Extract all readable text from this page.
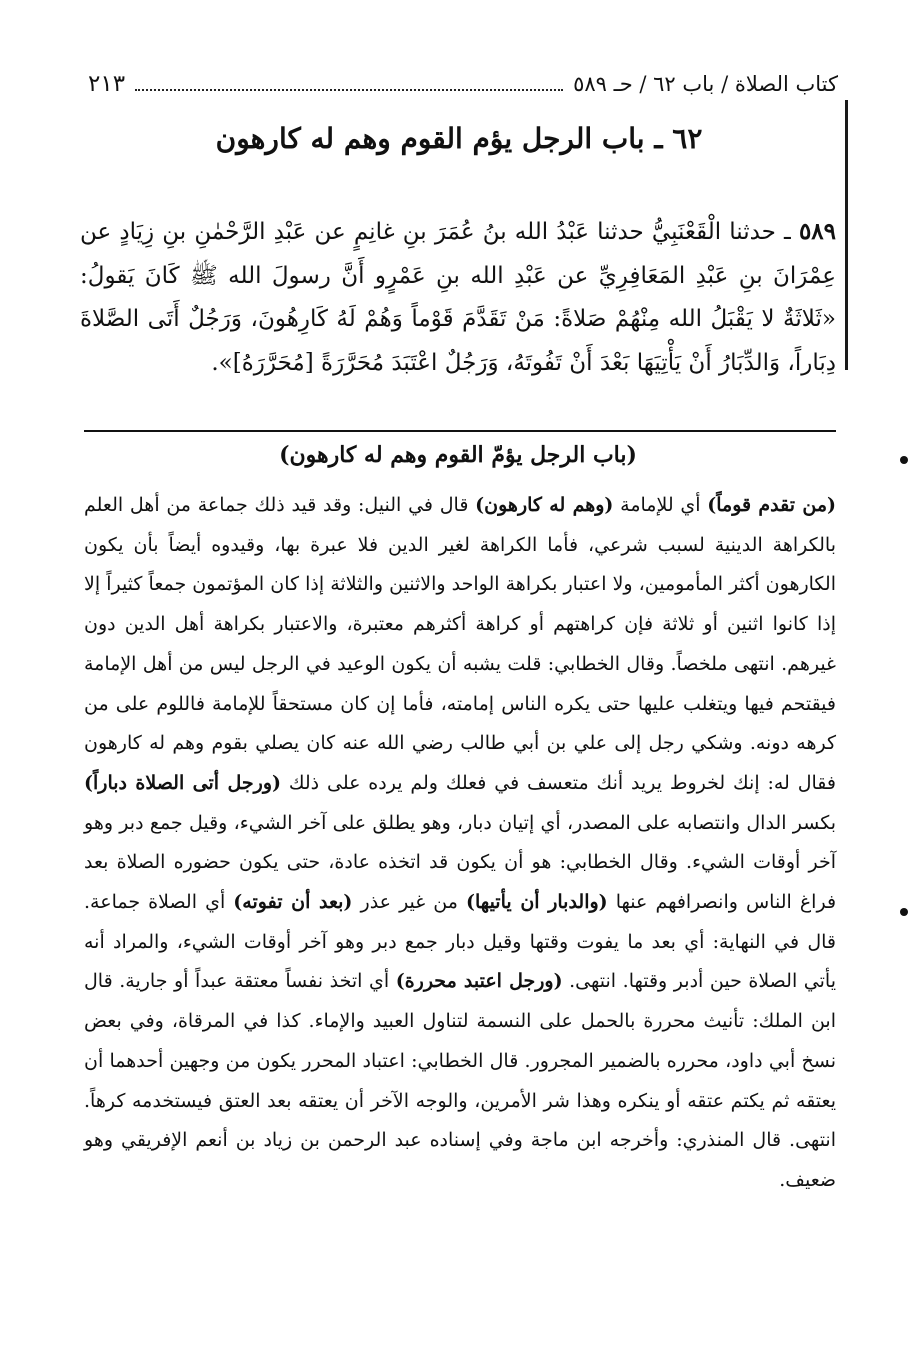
كتاب الصلاة / باب ٦٢ / حـ ٥٨٩
٢١٣
٦٢ ـ باب الرجل يؤم القوم وهم له كارهون

٥٨٩ ـ حدثنا الْقَعْنَبِيُّ حدثنا عَبْدُ الله بنُ عُمَرَ بنِ غانِمٍ عن عَبْدِ الرَّحْمٰنِ بنِ زِيَادٍ عن عِمْرَانَ بنِ عَبْدِ المَعَافِرِيِّ عن عَبْدِ الله بنِ عَمْرٍو أَنَّ رسولَ الله ﷺ كَانَ يَقولُ: «ثَلاثَةٌ لا يَقْبَلُ الله مِنْهُمْ صَلاةً: مَنْ تَقَدَّمَ قَوْماً وَهُمْ لَهُ كَارِهُونَ، وَرَجُلٌ أَتَى الصَّلاةَ دِبَاراً، وَالدِّبَارُ أَنْ يَأْتِيَهَا بَعْدَ أَنْ تَفُوتَهُ، وَرَجُلٌ اعْتَبَدَ مُحَرَّرَةً [مُحَرَّرَهُ]».

(باب الرجل يؤمّ القوم وهم له كارهون)

(من تقدم قوماً) أي للإمامة (وهم له كارهون) قال في النيل: وقد قيد ذلك جماعة من أهل العلم بالكراهة الدينية لسبب شرعي، فأما الكراهة لغير الدين فلا عبرة بها، وقيدوه أيضاً بأن يكون الكارهون أكثر المأمومين، ولا اعتبار بكراهة الواحد والاثنين والثلاثة إذا كان المؤتمون جمعاً كثيراً إلا إذا كانوا اثنين أو ثلاثة فإن كراهتهم أو كراهة أكثرهم معتبرة، والاعتبار بكراهة أهل الدين دون غيرهم. انتهى ملخصاً. وقال الخطابي: قلت يشبه أن يكون الوعيد في الرجل ليس من أهل الإمامة فيقتحم فيها ويتغلب عليها حتى يكره الناس إمامته، فأما إن كان مستحقاً للإمامة فاللوم على من كرهه دونه. وشكي رجل إلى علي بن أبي طالب رضي الله عنه كان يصلي بقوم وهم له كارهون فقال له: إنك لخروط يريد أنك متعسف في فعلك ولم يرده على ذلك (ورجل أتى الصلاة دباراً) بكسر الدال وانتصابه على المصدر، أي إتيان دبار، وهو يطلق على آخر الشيء، وقيل جمع دبر وهو آخر أوقات الشيء. وقال الخطابي: هو أن يكون قد اتخذه عادة، حتى يكون حضوره الصلاة بعد فراغ الناس وانصرافهم عنها (والدبار أن يأتيها) من غير عذر (بعد أن تفوته) أي الصلاة جماعة. قال في النهاية: أي بعد ما يفوت وقتها وقيل دبار جمع دبر وهو آخر أوقات الشيء، والمراد أنه يأتي الصلاة حين أدبر وقتها. انتهى. (ورجل اعتبد محررة) أي اتخذ نفساً معتقة عبداً أو جارية. قال ابن الملك: تأنيث محررة بالحمل على النسمة لتناول العبيد والإماء. كذا في المرقاة، وفي بعض نسخ أبي داود، محرره بالضمير المجرور. قال الخطابي: اعتباد المحرر يكون من وجهين أحدهما أن يعتقه ثم يكتم عتقه أو ينكره وهذا شر الأمرين، والوجه الآخر أن يعتقه بعد العتق فيستخدمه كرهاً. انتهى. قال المنذري: وأخرجه ابن ماجة وفي إسناده عبد الرحمن بن زياد بن أنعم الإفريقي وهو ضعيف.
